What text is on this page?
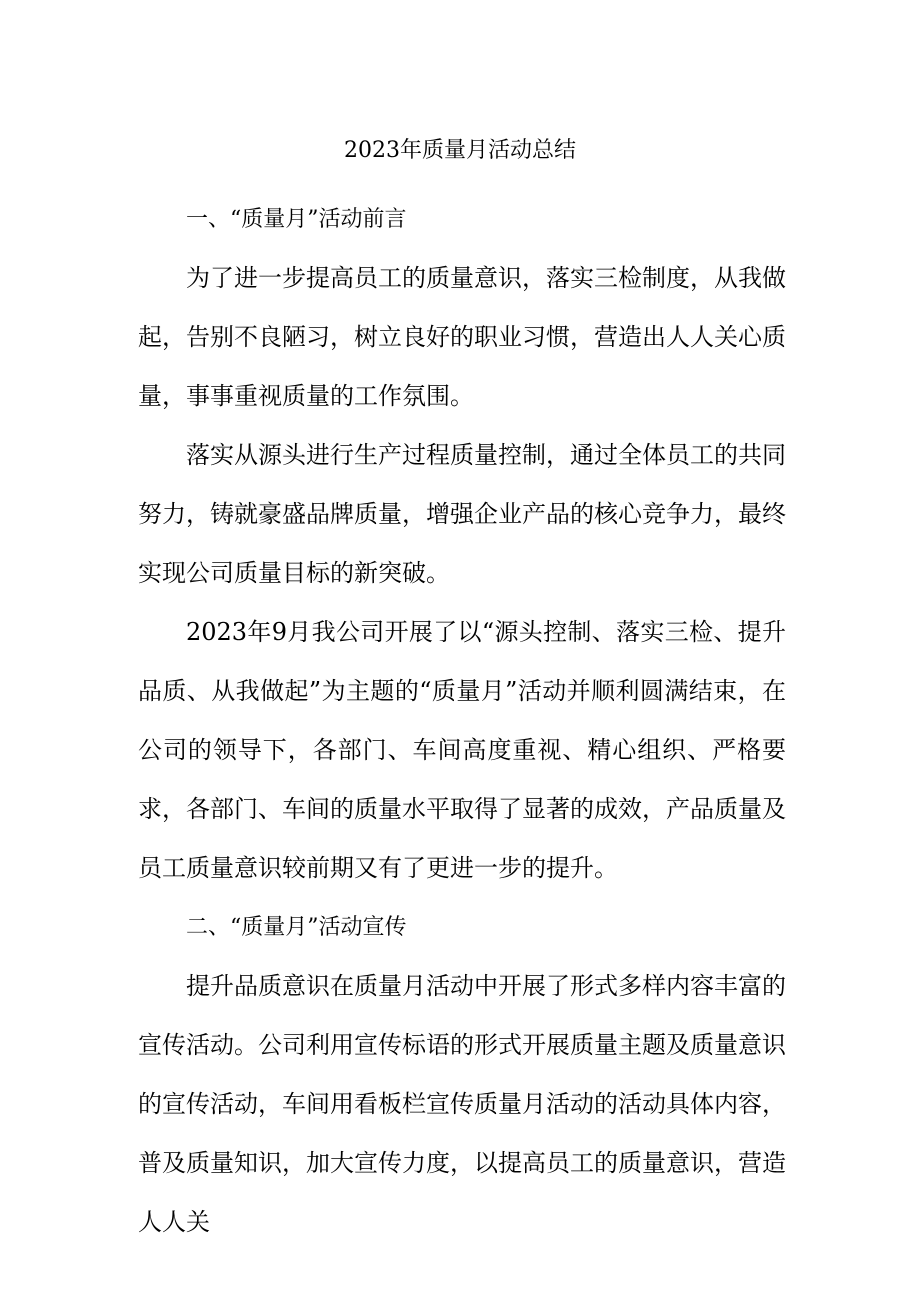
2023年质量月活动总结
一、“质量月”活动前言

为了进一步提高员工的质量意识，落实三检制度，从我做起，告别不良陋习，树立良好的职业习惯，营造出人人关心质量，事事重视质量的工作氛围。

落实从源头进行生产过程质量控制，通过全体员工的共同努力，铸就豪盛品牌质量，增强企业产品的核心竞争力，最终实现公司质量目标的新突破。

2023年9月我公司开展了以“源头控制、落实三检、提升品质、从我做起”为主题的“质量月”活动并顺利圆满结束，在公司的领导下，各部门、车间高度重视、精心组织、严格要求，各部门、车间的质量水平取得了显著的成效，产品质量及员工质量意识较前期又有了更进一步的提升。

二、“质量月”活动宣传

提升品质意识在质量月活动中开展了形式多样内容丰富的宣传活动。公司利用宣传标语的形式开展质量主题及质量意识的宣传活动，车间用看板栏宣传质量月活动的活动具体内容，普及质量知识，加大宣传力度，以提高员工的质量意识，营造人人关
